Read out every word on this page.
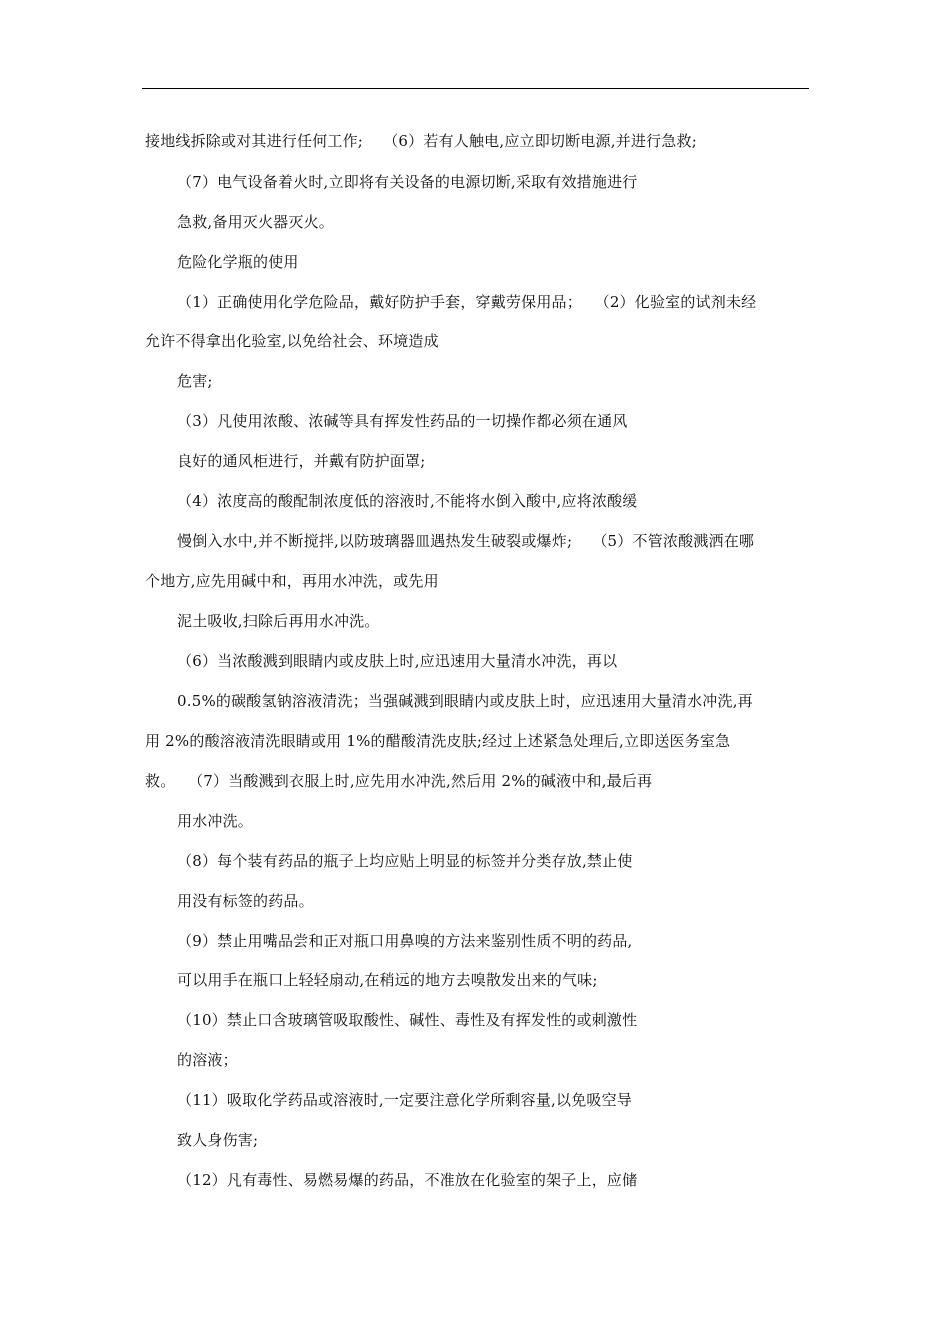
接地线拆除或对其进行任何工作;　 （6）若有人触电,应立即切断电源,并进行急救;
（7）电气设备着火时,立即将有关设备的电源切断,采取有效措施进行
急救,备用灭火器灭火。
危险化学瓶的使用
（1）正确使用化学危险品，戴好防护手套，穿戴劳保用品；　 （2）化验室的试剂未经
允许不得拿出化验室,以免给社会、环境造成
危害;
（3）凡使用浓酸、浓碱等具有挥发性药品的一切操作都必须在通风
良好的通风柜进行，并戴有防护面罩;
（4）浓度高的酸配制浓度低的溶液时,不能将水倒入酸中,应将浓酸缓
慢倒入水中,并不断搅拌,以防玻璃器皿遇热发生破裂或爆炸;　 （5）不管浓酸溅洒在哪
个地方,应先用碱中和，再用水冲洗，或先用
泥土吸收,扫除后再用水冲洗。
（6）当浓酸溅到眼睛内或皮肤上时,应迅速用大量清水冲洗，再以
0.5%的碳酸氢钠溶液清洗；当强碱溅到眼睛内或皮肤上时，应迅速用大量清水冲洗,再
用 2%的酸溶液清洗眼睛或用 1%的醋酸清洗皮肤;经过上述紧急处理后,立即送医务室急
救。　 （7）当酸溅到衣服上时,应先用水冲洗,然后用 2%的碱液中和,最后再
用水冲洗。
（8）每个装有药品的瓶子上均应贴上明显的标签并分类存放,禁止使
用没有标签的药品。
（9）禁止用嘴品尝和正对瓶口用鼻嗅的方法来鉴别性质不明的药品,
可以用手在瓶口上轻轻扇动,在稍远的地方去嗅散发出来的气味;
（10）禁止口含玻璃管吸取酸性、碱性、毒性及有挥发性的或刺激性
的溶液；
（11）吸取化学药品或溶液时,一定要注意化学所剩容量,以免吸空导
致人身伤害;
（12）凡有毒性、易燃易爆的药品，不准放在化验室的架子上，应储
